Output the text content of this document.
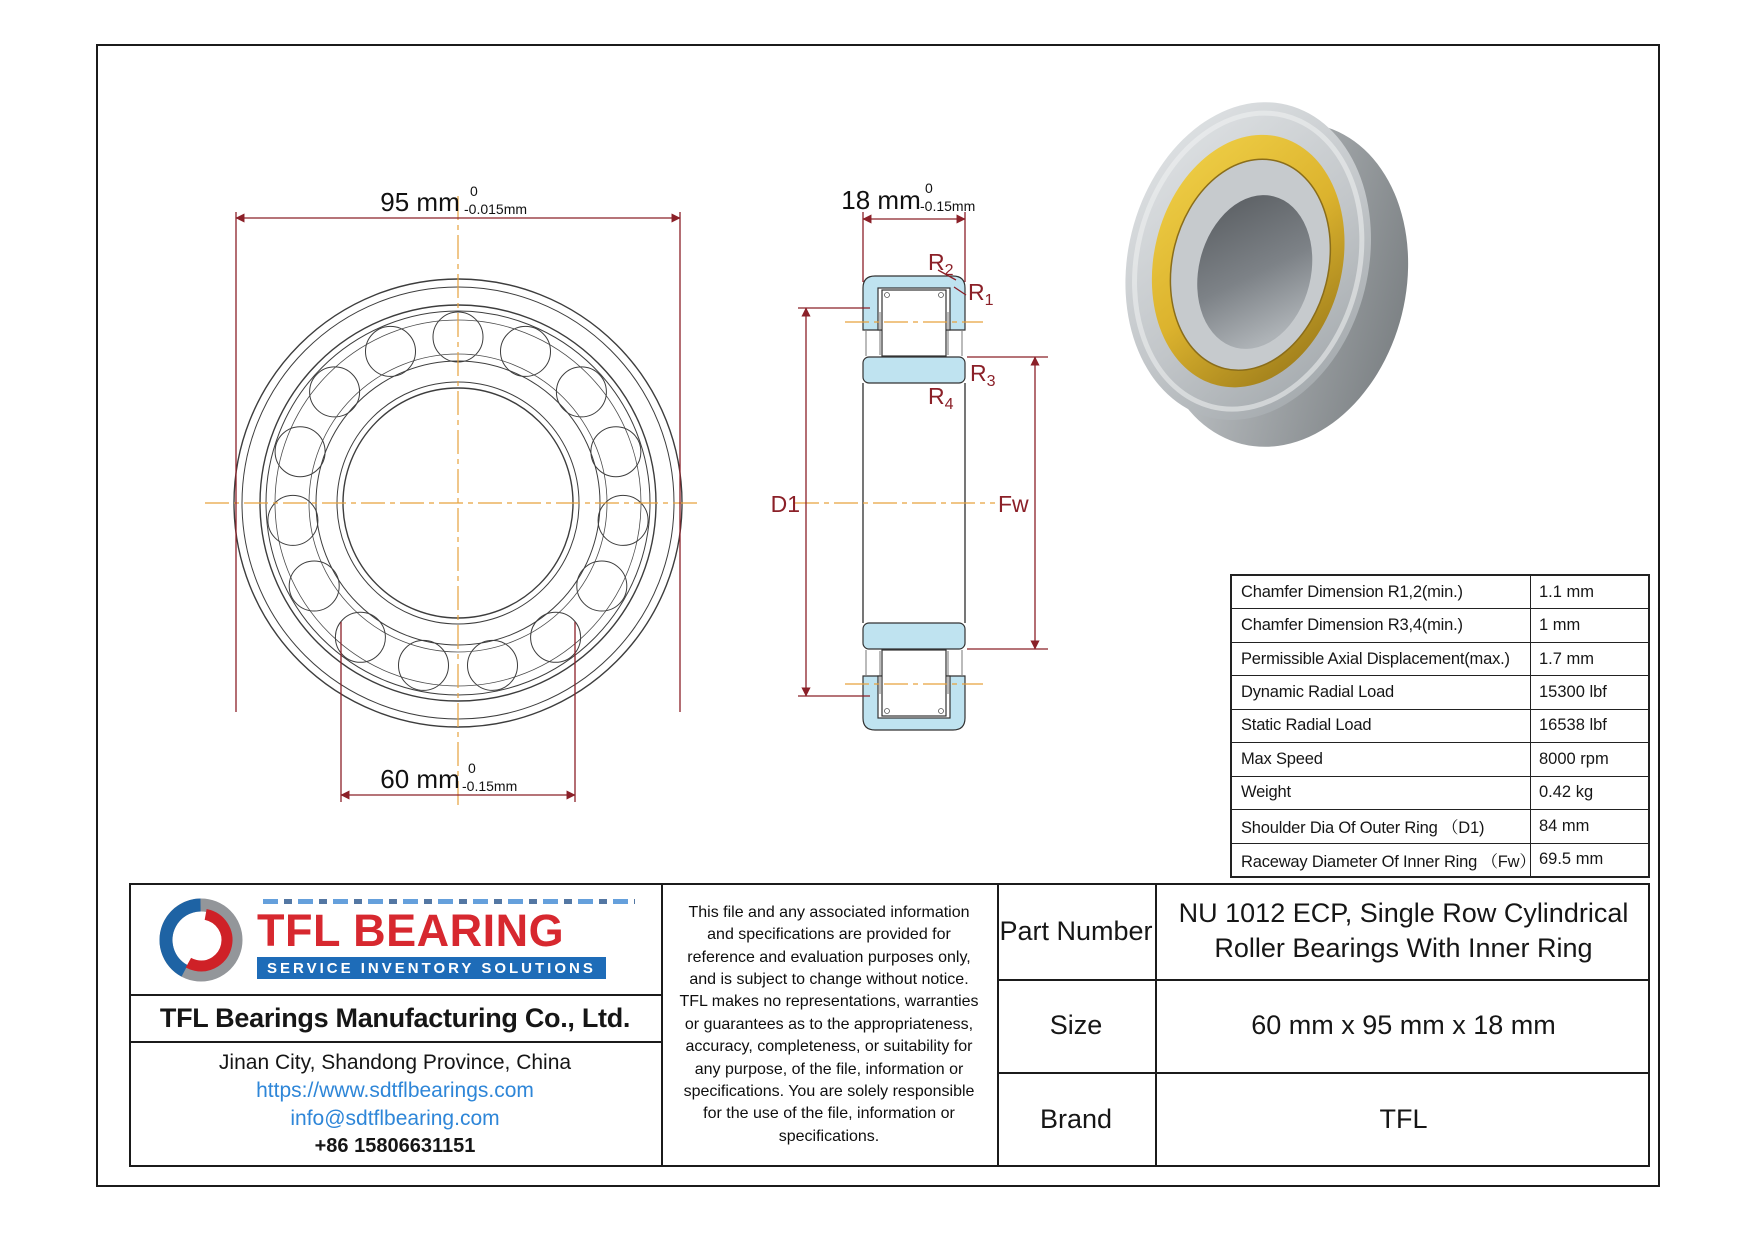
95 mm 0
-0.015mm	18 mm 0
-0.15mm
60 mm 0
-0.15mm
D1	Fw
$R_2$
$R_1$
$R_3$
$R_4$
Chamfer Dimension R1,2(min.)	1.1 mm
Chamfer Dimension R3,4(min.)	1 mm
Permissible Axial Displacement(max.)	1.7 mm
Dynamic Radial Load	15300 lbf
Static Radial Load	16538 lbf
Max Speed	8000 rpm
Weight	0.42 kg
Shoulder Dia Of Outer Ring （D1)	84 mm
Raceway Diameter Of Inner Ring （Fw） 69.5 mm
TFL BEARING
SERVICE INVENTORY SOLUTIONS
TFL Bearings Manufacturing Co., Ltd.
Jinan City, Shandong Province, China
https://www.sdtflbearings.com
info@sdtflbearing.com
+86 15806631151
This file and any associated information and specifications are provided for reference and evaluation purposes only, and is subject to change without notice. TFL makes no representations, warranties or guarantees as to the appropriateness, accuracy, completeness, or suitability for any purpose, of the file, information or specifications. You are solely responsible for the use of the file, information or specifications.
Part Number
NU 1012 ECP, Single Row Cylindrical Roller Bearings With Inner Ring
Size	60 mm x 95 mm x 18 mm
Brand	TFL
